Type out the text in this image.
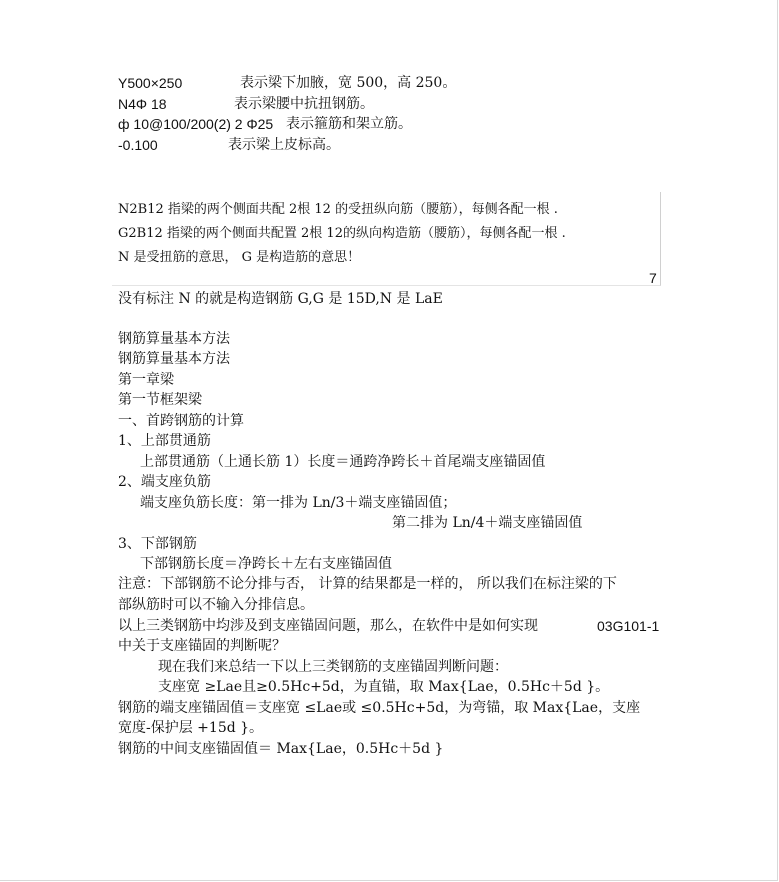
Y500×250	表示梁下加腋，宽 500，高 250。
N4Φ 18	表示梁腰中抗扭钢筋。
ф 10@100/200(2) 2 Φ25 表示箍筋和架立筋。
-0.100	表示梁上皮标高。
N2B12 指梁的两个侧面共配 2根 12 的受扭纵向筋（腰筋），每侧各配一根 .
G2B12 指梁的两个侧面共配置 2根 12的纵向构造筋（腰筋），每侧各配一根 .
N 是受扭筋的意思， G 是构造筋的意思！
7
没有标注 N 的就是构造钢筋 G,G 是 15D,N 是 LaE
钢筋算量基本方法
钢筋算量基本方法
第一章梁
第一节框架梁
一、首跨钢筋的计算
1、上部贯通筋
上部贯通筋（上通长筋 1）长度＝通跨净跨长＋首尾端支座锚固值
2、端支座负筋
端支座负筋长度：第一排为 Ln/3＋端支座锚固值；
第二排为 Ln/4＋端支座锚固值
3、下部钢筋
下部钢筋长度＝净跨长＋左右支座锚固值
注意：下部钢筋不论分排与否， 计算的结果都是一样的， 所以我们在标注梁的下
部纵筋时可以不输入分排信息。
以上三类钢筋中均涉及到支座锚固问题，那么，在软件中是如何实现	03G101-1
中关于支座锚固的判断呢？
现在我们来总结一下以上三类钢筋的支座锚固判断问题：
支座宽 ≥Lae且≥0.5Hc+5d，为直锚，取 Max{Lae，0.5Hc＋5d }。
钢筋的端支座锚固值＝支座宽 ≤Lae或 ≤0.5Hc+5d，为弯锚，取 Max{Lae，支座
宽度-保护层 +15d }。
钢筋的中间支座锚固值＝ Max{Lae，0.5Hc＋5d }
